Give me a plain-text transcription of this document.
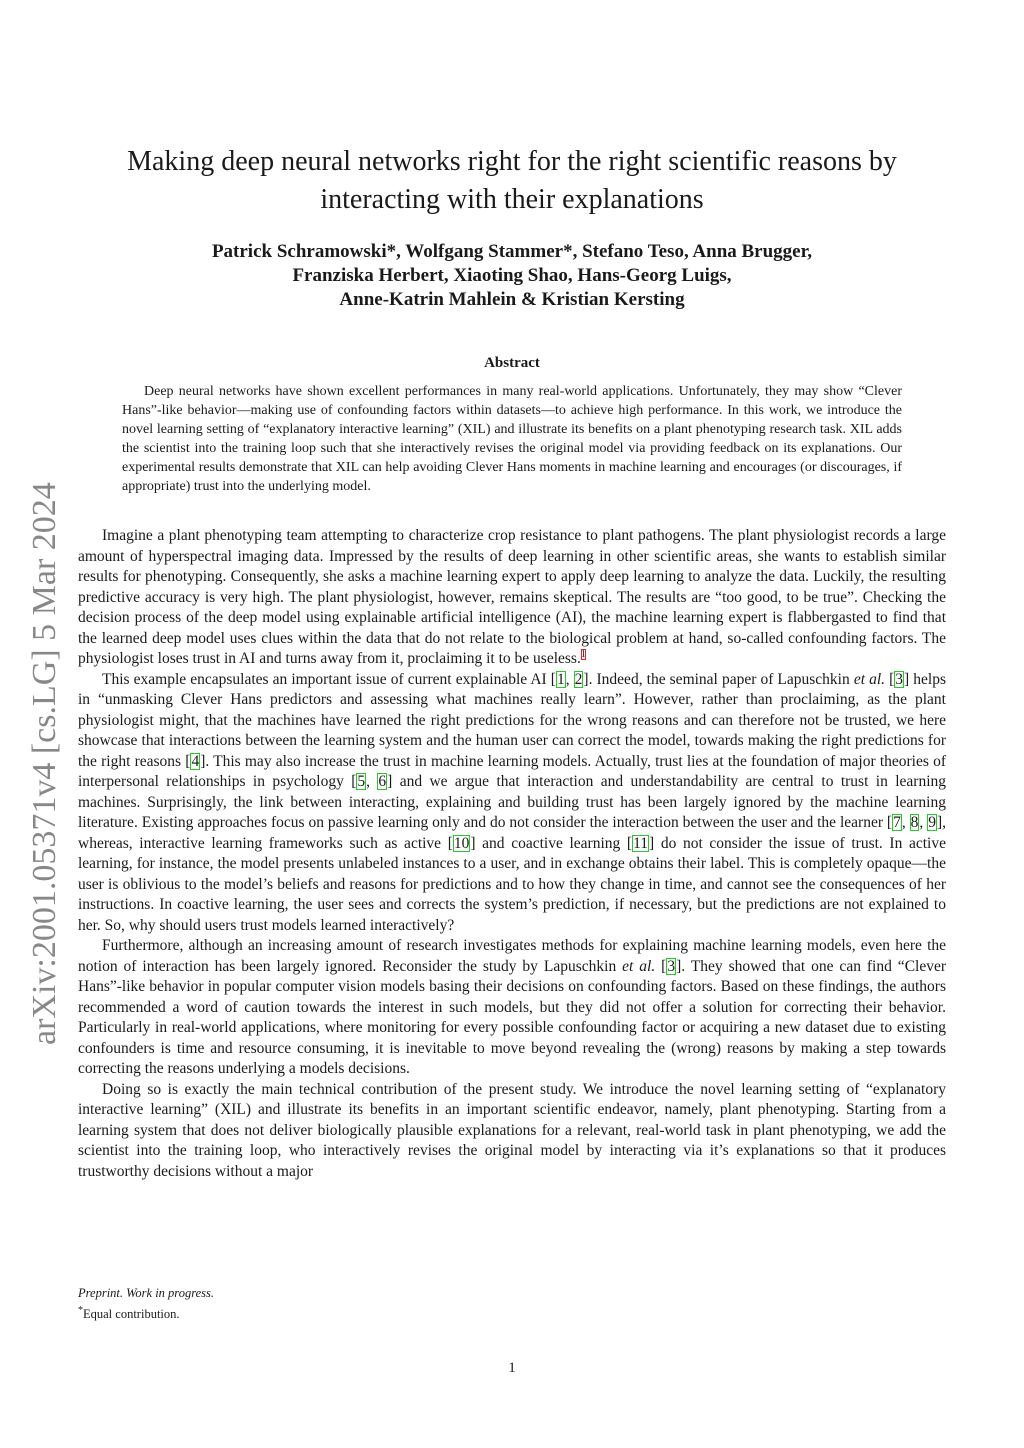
arXiv:2001.05371v4 [cs.LG] 5 Mar 2024
Making deep neural networks right for the right scientific reasons by
interacting with their explanations
Patrick Schramowski*, Wolfgang Stammer*, Stefano Teso, Anna Brugger,
Franziska Herbert, Xiaoting Shao, Hans-Georg Luigs,
Anne-Katrin Mahlein & Kristian Kersting
Abstract
Deep neural networks have shown excellent performances in many real-world applications. Unfortunately, they may show “Clever Hans”-like behavior—making use of confounding factors within datasets—to achieve high performance. In this work, we introduce the novel learning setting of “explanatory interactive learning” (XIL) and illustrate its benefits on a plant phenotyping research task. XIL adds the scientist into the training loop such that she interactively revises the original model via providing feedback on its explanations. Our experimental results demonstrate that XIL can help avoiding Clever Hans moments in machine learning and encourages (or discourages, if appropriate) trust into the underlying model.

Imagine a plant phenotyping team attempting to characterize crop resistance to plant pathogens. The plant physiologist records a large amount of hyperspectral imaging data. Impressed by the results of deep learning in other scientific areas, she wants to establish similar results for phenotyping. Consequently, she asks a machine learning expert to apply deep learning to analyze the data. Luckily, the resulting predictive accuracy is very high. The plant physiologist, however, remains skeptical. The results are “too good, to be true”. Checking the decision process of the deep model using explainable artificial intelligence (AI), the machine learning expert is flabbergasted to find that the learned deep model uses clues within the data that do not relate to the biological problem at hand, so-called confounding factors. The physiologist loses trust in AI and turns away from it, proclaiming it to be useless.$^1$

This example encapsulates an important issue of current explainable AI [1, 2]. Indeed, the seminal paper of Lapuschkin et al. [3] helps in “unmasking Clever Hans predictors and assessing what machines really learn”. However, rather than proclaiming, as the plant physiologist might, that the machines have learned the right predictions for the wrong reasons and can therefore not be trusted, we here showcase that interactions between the learning system and the human user can correct the model, towards making the right predictions for the right reasons [4]. This may also increase the trust in machine learning models. Actually, trust lies at the foundation of major theories of interpersonal relationships in psychology [5, 6] and we argue that interaction and understandability are central to trust in learning machines. Surprisingly, the link between interacting, explaining and building trust has been largely ignored by the machine learning literature. Existing approaches focus on passive learning only and do not consider the interaction between the user and the learner [7, 8, 9], whereas, interactive learning frameworks such as active [10] and coactive learning [11] do not consider the issue of trust. In active learning, for instance, the model presents unlabeled instances to a user, and in exchange obtains their label. This is completely opaque—the user is oblivious to the model’s beliefs and reasons for predictions and to how they change in time, and cannot see the consequences of her instructions. In coactive learning, the user sees and corrects the system’s prediction, if necessary, but the predictions are not explained to her. So, why should users trust models learned interactively?

Furthermore, although an increasing amount of research investigates methods for explaining machine learning models, even here the notion of interaction has been largely ignored. Reconsider the study by Lapuschkin et al. [3]. They showed that one can find “Clever Hans”-like behavior in popular computer vision models basing their decisions on confounding factors. Based on these findings, the authors recommended a word of caution towards the interest in such models, but they did not offer a solution for correcting their behavior. Particularly in real-world applications, where monitoring for every possible confounding factor or acquiring a new dataset due to existing confounders is time and resource consuming, it is inevitable to move beyond revealing the (wrong) reasons by making a step towards correcting the reasons underlying a models decisions.

Doing so is exactly the main technical contribution of the present study. We introduce the novel learning setting of “explanatory interactive learning” (XIL) and illustrate its benefits in an important scientific endeavor, namely, plant phenotyping. Starting from a learning system that does not deliver biologically plausible explanations for a relevant, real-world task in plant phenotyping, we add the scientist into the training loop, who interactively revises the original model by interacting via it’s explanations so that it produces trustworthy decisions without a major

Preprint. Work in progress.
*Equal contribution.
1
